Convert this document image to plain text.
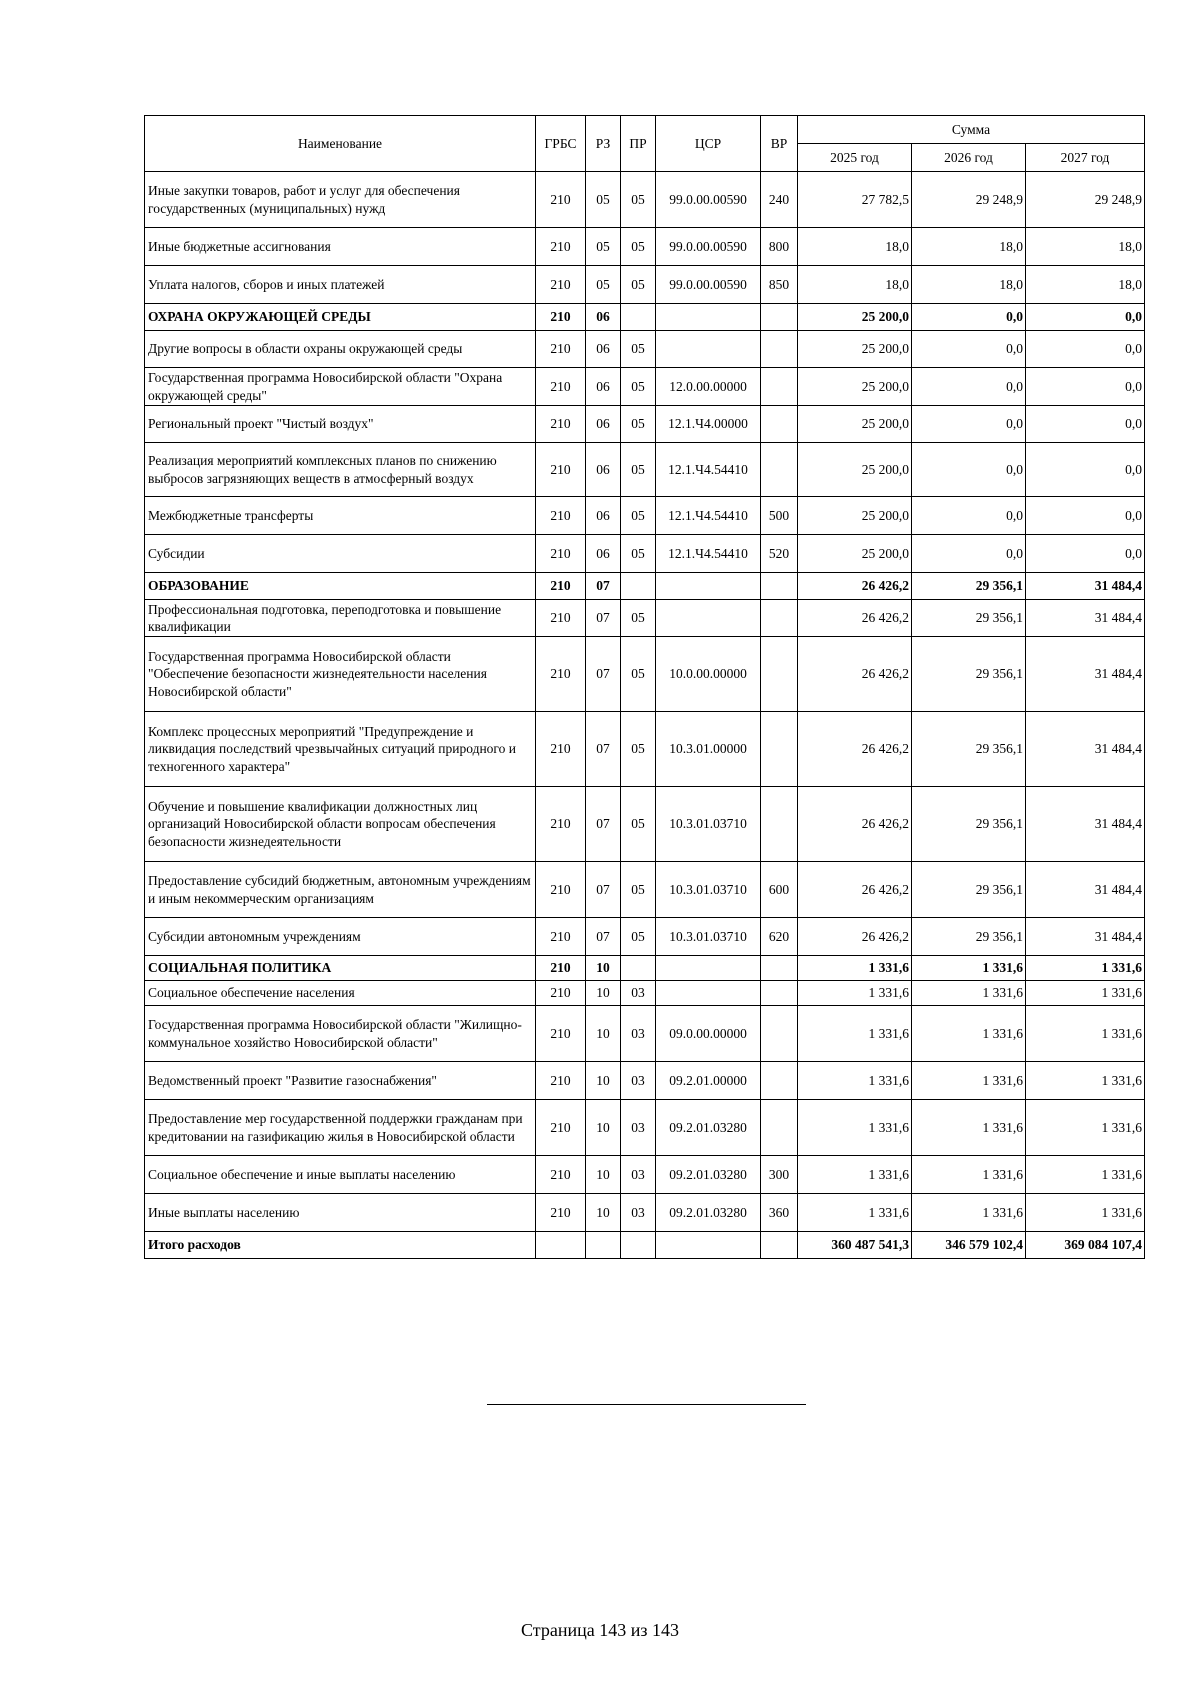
Наименование	ГРБС	РЗ	ПР	ЦСР	ВР	Сумма		
						2025 год	2026 год	2027 год
Иные закупки товаров, работ и услуг для обеспечения государственных (муниципальных) нужд	210	05	05	99.0.00.00590	240	27 782,5	29 248,9	29 248,9
Иные бюджетные ассигнования	210	05	05	99.0.00.00590	800	18,0	18,0	18,0
Уплата налогов, сборов и иных платежей	210	05	05	99.0.00.00590	850	18,0	18,0	18,0
ОХРАНА ОКРУЖАЮЩЕЙ СРЕДЫ	210	06				25 200,0	0,0	0,0
Другие вопросы в области охраны окружающей среды	210	06	05			25 200,0	0,0	0,0
Государственная программа Новосибирской области "Охрана окружающей среды"	210	06	05	12.0.00.00000		25 200,0	0,0	0,0
Региональный проект "Чистый воздух"	210	06	05	12.1.Ч4.00000		25 200,0	0,0	0,0
Реализация мероприятий комплексных планов по снижению выбросов загрязняющих веществ в атмосферный воздух	210	06	05	12.1.Ч4.54410		25 200,0	0,0	0,0
Межбюджетные трансферты	210	06	05	12.1.Ч4.54410	500	25 200,0	0,0	0,0
Субсидии	210	06	05	12.1.Ч4.54410	520	25 200,0	0,0	0,0
ОБРАЗОВАНИЕ	210	07				26 426,2	29 356,1	31 484,4
Профессиональная подготовка, переподготовка и повышение квалификации	210	07	05			26 426,2	29 356,1	31 484,4
Государственная программа Новосибирской области "Обеспечение безопасности жизнедеятельности населения Новосибирской области"	210	07	05	10.0.00.00000		26 426,2	29 356,1	31 484,4
Комплекс процессных мероприятий "Предупреждение и ликвидация последствий чрезвычайных ситуаций природного и техногенного характера"	210	07	05	10.3.01.00000		26 426,2	29 356,1	31 484,4
Обучение и повышение квалификации должностных лиц организаций Новосибирской области вопросам обеспечения безопасности жизнедеятельности	210	07	05	10.3.01.03710		26 426,2	29 356,1	31 484,4
Предоставление субсидий бюджетным, автономным учреждениям и иным некоммерческим организациям	210	07	05	10.3.01.03710	600	26 426,2	29 356,1	31 484,4
Субсидии автономным учреждениям	210	07	05	10.3.01.03710	620	26 426,2	29 356,1	31 484,4
СОЦИАЛЬНАЯ ПОЛИТИКА	210	10				1 331,6	1 331,6	1 331,6
Социальное обеспечение населения	210	10	03			1 331,6	1 331,6	1 331,6
Государственная программа Новосибирской области "Жилищно-коммунальное хозяйство Новосибирской области"	210	10	03	09.0.00.00000		1 331,6	1 331,6	1 331,6
Ведомственный проект "Развитие газоснабжения"	210	10	03	09.2.01.00000		1 331,6	1 331,6	1 331,6
Предоставление мер государственной поддержки гражданам при кредитовании на газификацию жилья в Новосибирской области	210	10	03	09.2.01.03280		1 331,6	1 331,6	1 331,6
Социальное обеспечение и иные выплаты населению	210	10	03	09.2.01.03280	300	1 331,6	1 331,6	1 331,6
Иные выплаты населению	210	10	03	09.2.01.03280	360	1 331,6	1 331,6	1 331,6
Итого расходов						360 487 541,3	346 579 102,4	369 084 107,4
Страница 143 из 143
